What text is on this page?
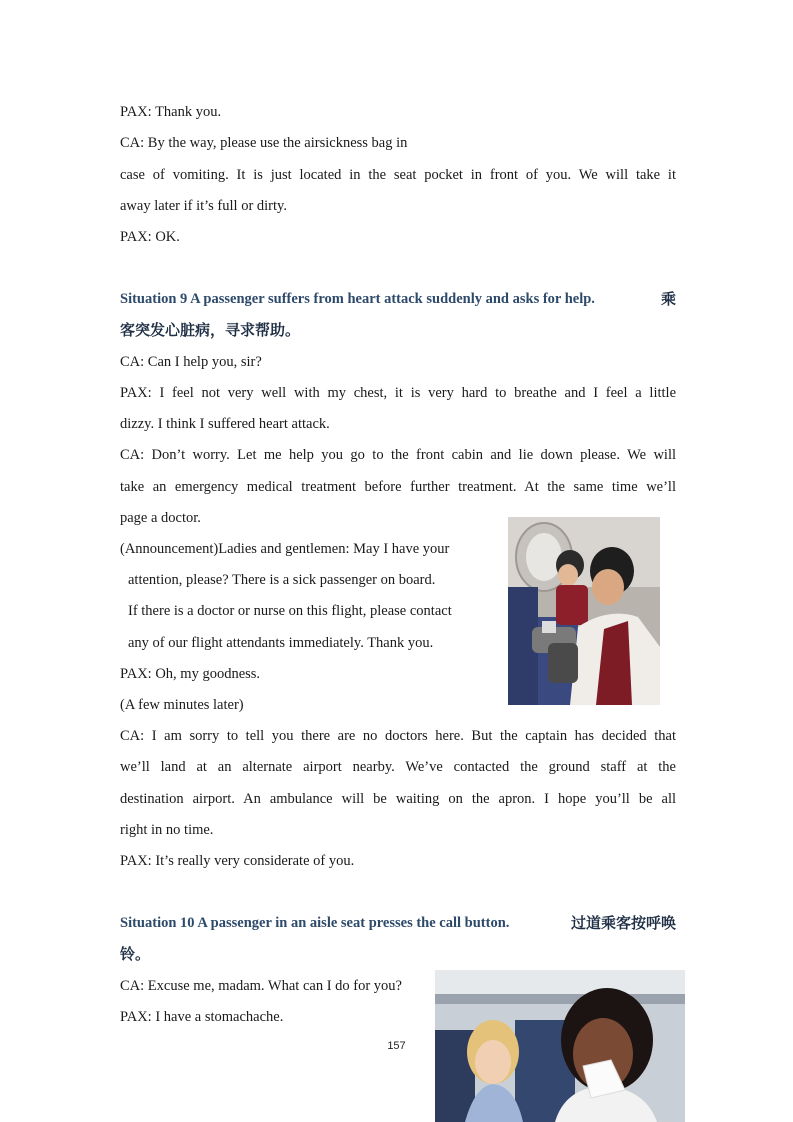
PAX: Thank you.
CA: By the way, please use the airsickness bag in
case of vomiting. It is just located in the seat pocket in front of you. We will take it
away later if it’s full or dirty.
PAX: OK.
Situation 9 A passenger suffers from heart attack suddenly and asks for help.	乘
客突发心脏病，寻求帮助。
CA: Can I help you, sir?
PAX: I feel not very well with my chest, it is very hard to breathe and I feel a little
dizzy. I think I suffered heart attack.
CA: Don’t worry. Let me help you go to the front cabin and lie down please. We will
take an emergency medical treatment before further treatment. At the same time we’ll
page a doctor.
(Announcement)Ladies and gentlemen: May I have your
attention, please? There is a sick passenger on board.
If there is a doctor or nurse on this flight, please contact
any of our flight attendants immediately. Thank you.
PAX: Oh, my goodness.
(A few minutes later)
CA: I am sorry to tell you there are no doctors here. But the captain has decided that
we’ll land at an alternate airport nearby. We’ve contacted the ground staff at the
destination airport. An ambulance will be waiting on the apron. I hope you’ll be all
right in no time.
PAX: It’s really very considerate of you.
Situation 10 A passenger in an aisle seat presses the call button.	过道乘客按呼唤
铃。
CA: Excuse me, madam. What can I do for you?
PAX: I have a stomachache.
157
